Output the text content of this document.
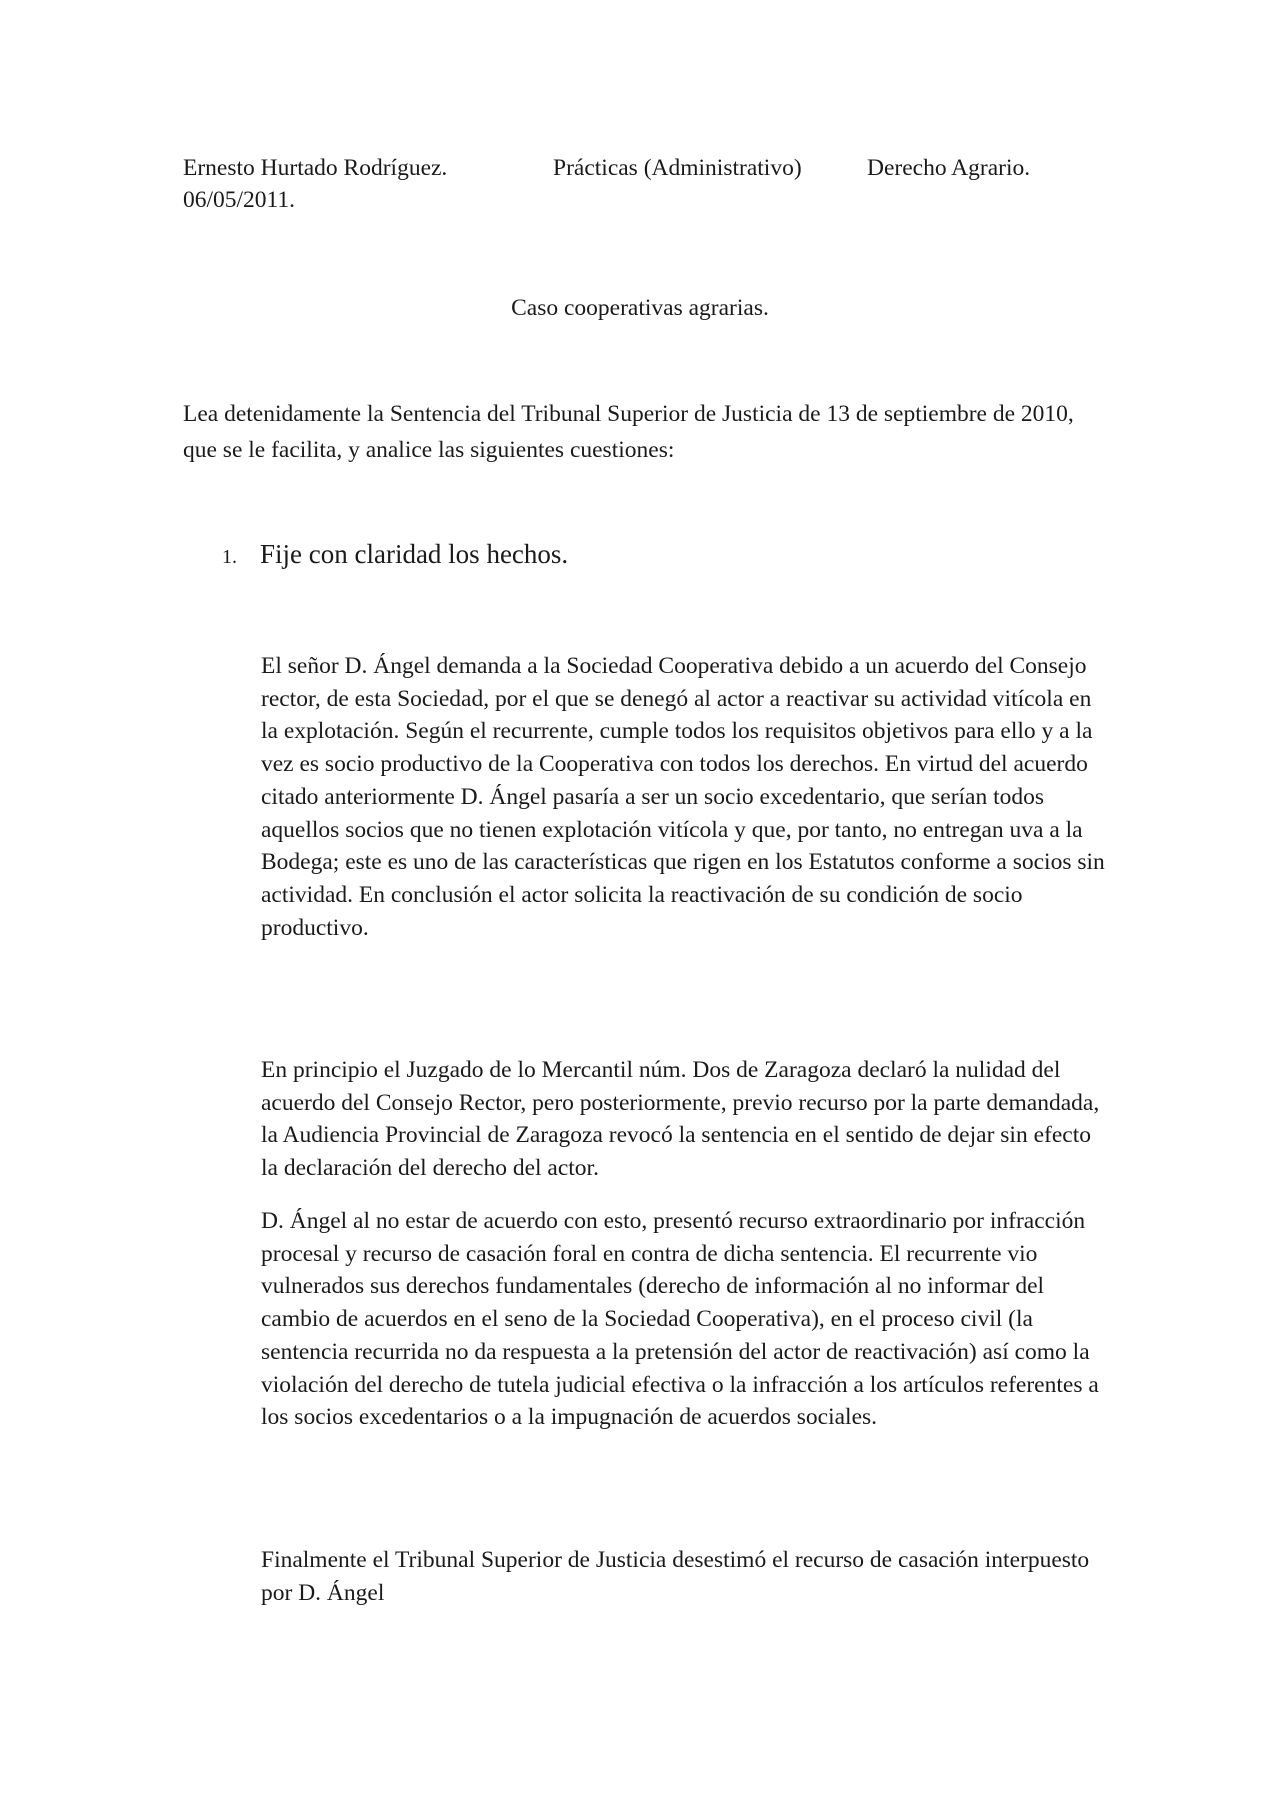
Ernesto Hurtado Rodríguez.	Prácticas (Administrativo)	Derecho Agrario.
06/05/2011.
Caso cooperativas agrarias.
Lea detenidamente la Sentencia del Tribunal Superior de Justicia de 13 de septiembre de 2010, que se le facilita, y analice las siguientes cuestiones:
1. Fije con claridad los hechos.

El señor D. Ángel demanda a la Sociedad Cooperativa debido a un acuerdo del Consejo rector, de esta Sociedad, por el que se denegó al actor a reactivar su actividad vitícola en la explotación. Según el recurrente, cumple todos los requisitos objetivos para ello y a la vez es socio productivo de la Cooperativa con todos los derechos. En virtud del acuerdo citado anteriormente D. Ángel pasaría a ser un socio excedentario, que serían todos aquellos socios que no tienen explotación vitícola y que, por tanto, no entregan uva a la Bodega; este es uno de las características que rigen en los Estatutos conforme a socios sin actividad. En conclusión el actor solicita la reactivación de su condición de socio productivo.

En principio el Juzgado de lo Mercantil núm. Dos de Zaragoza declaró la nulidad del acuerdo del Consejo Rector, pero posteriormente, previo recurso por la parte demandada, la Audiencia Provincial de Zaragoza revocó la sentencia en el sentido de dejar sin efecto la declaración del derecho del actor.

D. Ángel al no estar de acuerdo con esto, presentó recurso extraordinario por infracción procesal y recurso de casación foral en contra de dicha sentencia. El recurrente vio vulnerados sus derechos fundamentales (derecho de información al no informar del cambio de acuerdos en el seno de la Sociedad Cooperativa), en el proceso civil (la sentencia recurrida no da respuesta a la pretensión del actor de reactivación) así como la violación del derecho de tutela judicial efectiva o la infracción a los artículos referentes a los socios excedentarios o a la impugnación de acuerdos sociales.

Finalmente el Tribunal Superior de Justicia desestimó el recurso de casación interpuesto por D. Ángel
